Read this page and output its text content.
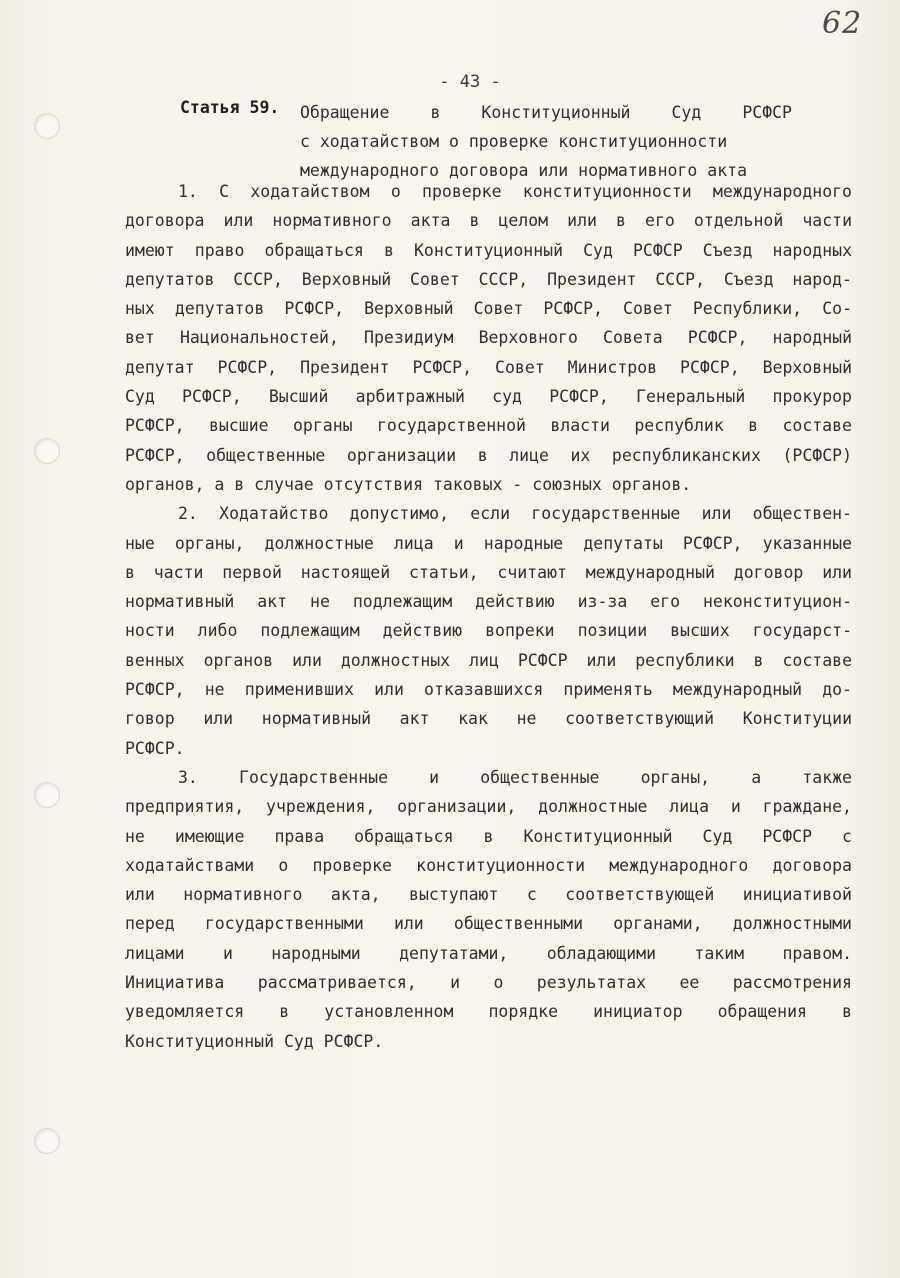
62
- 43 -
Статья 59. Обращение в Конституционный Суд РСФСР
с ходатайством о проверке конституционности
международного договора или нормативного акта
1. С ходатайством о проверке конституционности международного
договора или нормативного акта в целом или в его отдельной части
имеют право обращаться в Конституционный Суд РСФСР Съезд народных
депутатов СССР, Верховный Совет СССР, Президент СССР, Съезд народ-
ных депутатов РСФСР, Верховный Совет РСФСР, Совет Республики, Со-
вет Национальностей, Президиум Верховного Совета РСФСР, народный
депутат РСФСР, Президент РСФСР, Совет Министров РСФСР, Верховный
Суд РСФСР, Высший арбитражный суд РСФСР, Генеральный прокурор
РСФСР, высшие органы государственной власти республик в составе
РСФСР, общественные организации в лице их республиканских (РСФСР)
органов, а в случае отсутствия таковых - союзных органов.
2. Ходатайство допустимо, если государственные или обществен-
ные органы, должностные лица и народные депутаты РСФСР, указанные
в части первой настоящей статьи, считают международный договор или
нормативный акт не подлежащим действию из-за его неконституцион-
ности либо подлежащим действию вопреки позиции высших государст-
венных органов или должностных лиц РСФСР или республики в составе
РСФСР, не применивших или отказавшихся применять международный до-
говор или нормативный акт как не соответствующий Конституции
РСФСР.
3. Государственные и общественные органы, а также
предприятия, учреждения, организации, должностные лица и граждане,
не имеющие права обращаться в Конституционный Суд РСФСР с
ходатайствами о проверке конституционности международного договора
или нормативного акта, выступают с соответствующей инициативой
перед государственными или общественными органами, должностными
лицами и народными депутатами, обладающими таким правом.
Инициатива рассматривается, и о результатах ее рассмотрения
уведомляется в установленном порядке инициатор обращения в
Конституционный Суд РСФСР.
